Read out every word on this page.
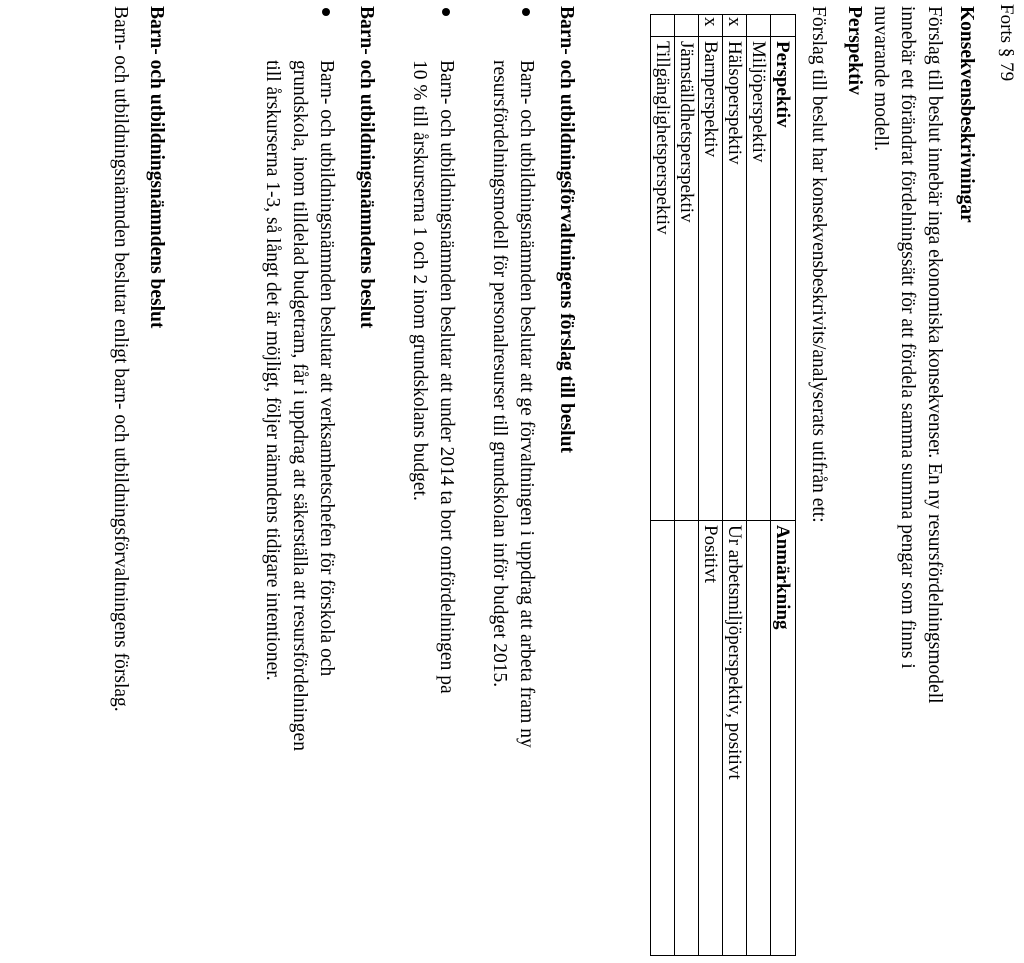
Forts § 79
Konsekvensbeskrivningar
Förslag till beslut innebär inga ekonomiska konsekvenser. En ny resursfördelningsmodell
innebär ett förändrat fördelningssätt för att fördela samma summa pengar som finns i
nuvarande modell.
Perspektiv
Förslag till beslut har konsekvensbeskrivits/analyserats utifrån ett:
	Perspektiv	Anmärkning
	Miljöperspektiv	
x	Hälsoperspektiv	Ur arbetsmiljöperspektiv, positivt
x	Barnperspektiv	Positivt
	Jämställdhetsperspektiv	
	Tillgänglighetsperspektiv	
Barn- och utbildningsförvaltningens förslag till beslut
Barn- och utbildningsnämnden beslutar att ge förvaltningen i uppdrag att arbeta fram ny
resursfördelningsmodell för personalresurser till grundskolan inför budget 2015.
Barn- och utbildningsnämnden beslutar att under 2014 ta bort omfördelningen pa
10 % till årskurserna 1 och 2 inom grundskolans budget.
Barn- och utbildningsnämndens beslut
Barn- och utbildningsnämnden beslutar att verksamhetschefen för förskola och
grundskola, inom tilldelad budgetram, får i uppdrag att säkerställa att resursfördelningen
till årskurserna 1-3, så långt det är möjligt, följer nämndens tidigare intentioner.
Barn- och utbildningsnämndens beslut
Barn- och utbildningsnämnden beslutar enligt barn- och utbildningsförvaltningens förslag.
